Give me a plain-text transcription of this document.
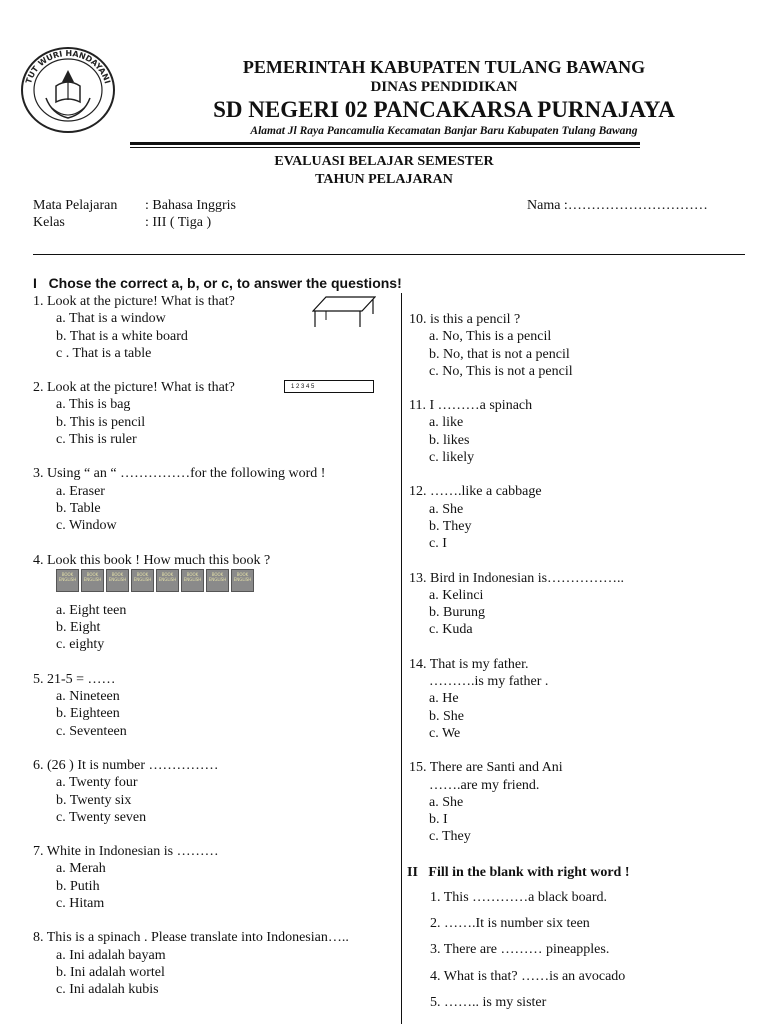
TUT WURI HANDAYANI
PEMERINTAH KABUPATEN TULANG BAWANG
DINAS PENDIDIKAN
SD NEGERI 02 PANCAKARSA PURNAJAYA
Alamat Jl Raya Pancamulia Kecamatan Banjar Baru Kabupaten Tulang Bawang
EVALUASI BELAJAR SEMESTER
TAHUN PELAJARAN
Mata Pelajaran : Bahasa Inggris
Kelas	: III ( Tiga )
Nama :…………………………
I Chose the correct a, b, or c, to answer the questions!
1 2 3 4 5
BOOK ENGLISH
BOOK ENGLISH
BOOK ENGLISH
BOOK ENGLISH
BOOK ENGLISH
BOOK ENGLISH
BOOK ENGLISH
BOOK ENGLISH
1. Look at the picture! What is that?
a. That is a window
b. That is a white board
c . That is a table
2. Look at the picture! What is that?
a. This is bag
b. This is pencil
c. This is ruler
3. Using “ an “ ……………for the following word !
a. Eraser
b. Table
c. Window
4. Look this book ! How much this book ?
a. Eight teen
b. Eight
c. eighty
5. 21-5 = ……
a. Nineteen
b. Eighteen
c. Seventeen
6. (26 ) It is number ……………
a. Twenty four
b. Twenty six
c. Twenty seven
7. White in Indonesian is ………
a. Merah
b. Putih
c. Hitam
8. This is a spinach . Please translate into Indonesian…..
a. Ini adalah bayam
b. Ini adalah wortel
c. Ini adalah kubis
10. is this a pencil ?
a. No, This is a pencil
b. No, that is not a pencil
c. No, This is not a pencil
11. I ………a spinach
a. like
b. likes
c. likely
12. …….like a cabbage
a. She
b. They
c. I
13. Bird in Indonesian is……………..
a. Kelinci
b. Burung
c. Kuda
14. That is my father.
……….is my father .
a. He
b. She
c. We
15. There are Santi and Ani
…….are my friend.
a. She
b. I
c. They
II Fill in the blank with right word !
1. This …………a black board.
2. …….It is number six teen
3. There are ……… pineapples.
4. What is that? ……is an avocado
5. …….. is my sister
